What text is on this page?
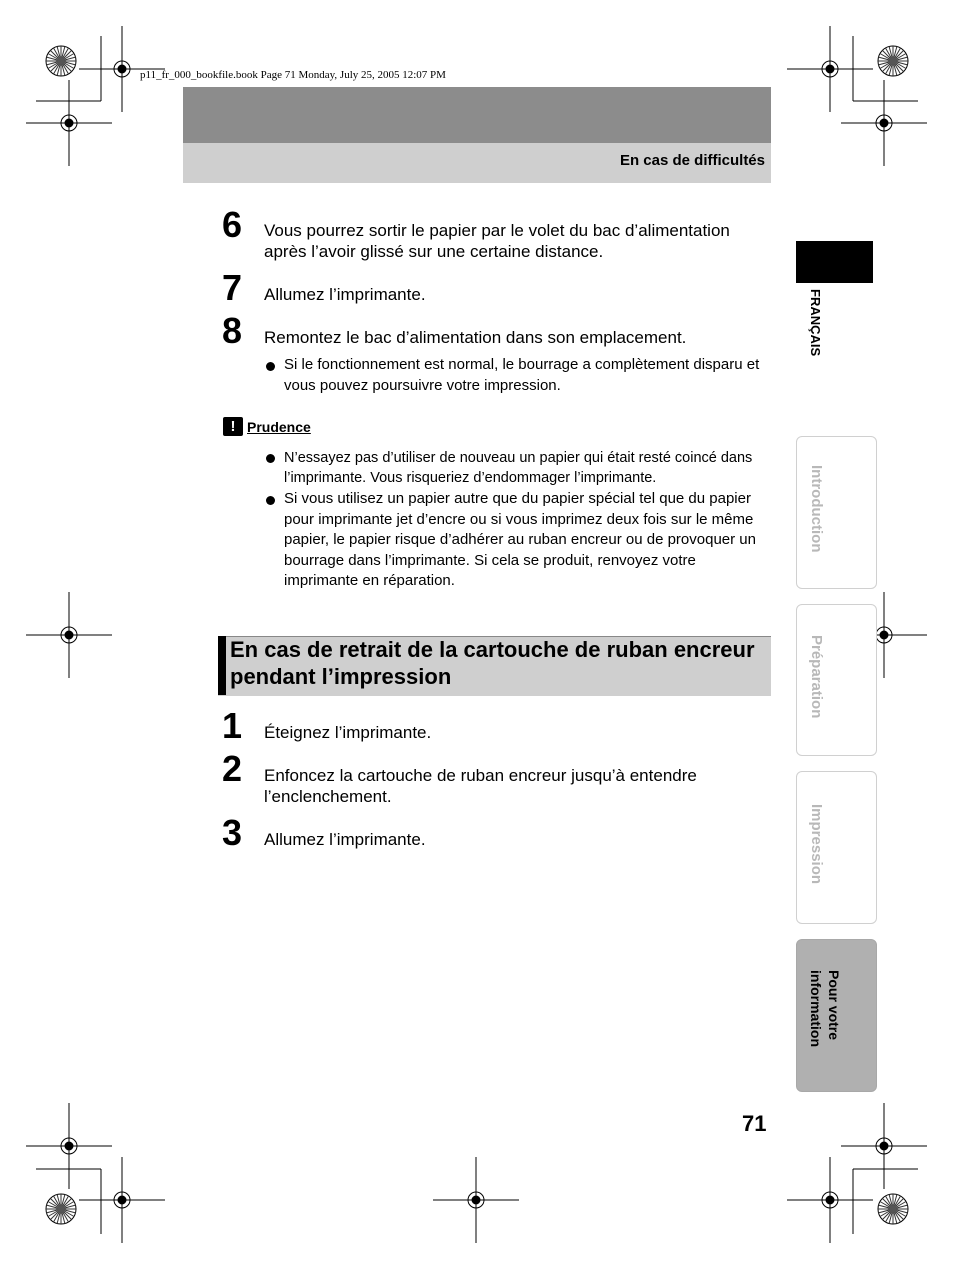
p11_fr_000_bookfile.book Page 71 Monday, July 25, 2005 12:07 PM
En cas de difficultés
6 Vous pourrez sortir le papier par le volet du bac d’alimentation après l’avoir glissé sur une certaine distance.
7 Allumez l’imprimante.
8 Remontez le bac d’alimentation dans son emplacement.
Si le fonctionnement est normal, le bourrage a complètement disparu et vous pouvez poursuivre votre impression.
! Prudence
N’essayez pas d’utiliser de nouveau un papier qui était resté coincé dans l’imprimante. Vous risqueriez d’endommager l’imprimante.
Si vous utilisez un papier autre que du papier spécial tel que du papier pour imprimante jet d’encre ou si vous imprimez deux fois sur le même papier, le papier risque d’adhérer au ruban encreur ou de provoquer un bourrage dans l’imprimante. Si cela se produit, renvoyez votre imprimante en réparation.
En cas de retrait de la cartouche de ruban encreur pendant l’impression
1 Éteignez l’imprimante.
2 Enfoncez la cartouche de ruban encreur jusqu’à entendre l’enclenchement.
3 Allumez l’imprimante.
FRANÇAIS
Introduction
Préparation
Impression
Pour votre
information
71
